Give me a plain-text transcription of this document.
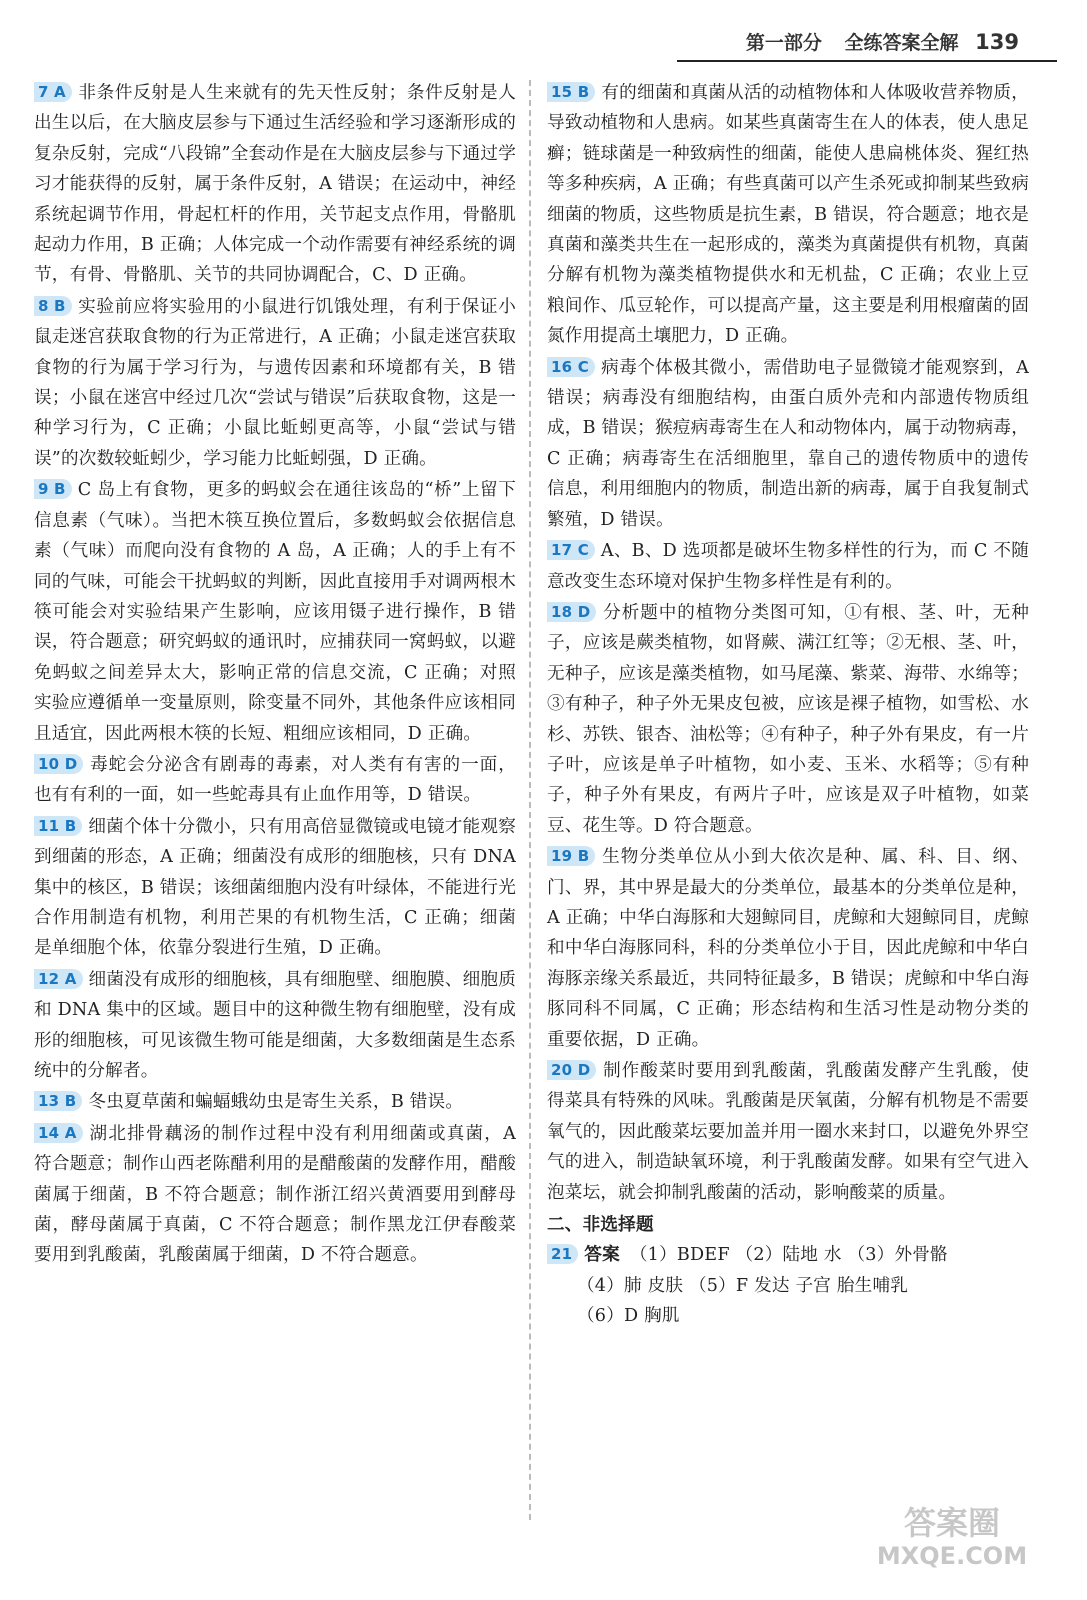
第一部分 全练答案全解 139
7 A 非条件反射是人生来就有的先天性反射；条件反射是人出生以后，在大脑皮层参与下通过生活经验和学习逐渐形成的复杂反射，完成“八段锦”全套动作是在大脑皮层参与下通过学习才能获得的反射，属于条件反射，A 错误；在运动中，神经系统起调节作用，骨起杠杆的作用，关节起支点作用，骨骼肌起动力作用，B 正确；人体完成一个动作需要有神经系统的调节，有骨、骨骼肌、关节的共同协调配合，C、D 正确。
8 B 实验前应将实验用的小鼠进行饥饿处理，有利于保证小鼠走迷宫获取食物的行为正常进行，A 正确；小鼠走迷宫获取食物的行为属于学习行为，与遗传因素和环境都有关，B 错误；小鼠在迷宫中经过几次“尝试与错误”后获取食物，这是一种学习行为，C 正确；小鼠比蚯蚓更高等，小鼠“尝试与错误”的次数较蚯蚓少，学习能力比蚯蚓强，D 正确。
9 B C 岛上有食物，更多的蚂蚁会在通往该岛的“桥”上留下信息素（气味）。当把木筷互换位置后，多数蚂蚁会依据信息素（气味）而爬向没有食物的 A 岛，A 正确；人的手上有不同的气味，可能会干扰蚂蚁的判断，因此直接用手对调两根木筷可能会对实验结果产生影响，应该用镊子进行操作，B 错误，符合题意；研究蚂蚁的通讯时，应捕获同一窝蚂蚁，以避免蚂蚁之间差异太大，影响正常的信息交流，C 正确；对照实验应遵循单一变量原则，除变量不同外，其他条件应该相同且适宜，因此两根木筷的长短、粗细应该相同，D 正确。
10 D 毒蛇会分泌含有剧毒的毒素，对人类有有害的一面，也有有利的一面，如一些蛇毒具有止血作用等，D 错误。
11 B 细菌个体十分微小，只有用高倍显微镜或电镜才能观察到细菌的形态，A 正确；细菌没有成形的细胞核，只有 DNA 集中的核区，B 错误；该细菌细胞内没有叶绿体，不能进行光合作用制造有机物，利用芒果的有机物生活，C 正确；细菌是单细胞个体，依靠分裂进行生殖，D 正确。
12 A 细菌没有成形的细胞核，具有细胞壁、细胞膜、细胞质和 DNA 集中的区域。题目中的这种微生物有细胞壁，没有成形的细胞核，可见该微生物可能是细菌，大多数细菌是生态系统中的分解者。
13 B 冬虫夏草菌和蝙蝠蛾幼虫是寄生关系，B 错误。
14 A 湖北排骨藕汤的制作过程中没有利用细菌或真菌，A 符合题意；制作山西老陈醋利用的是醋酸菌的发酵作用，醋酸菌属于细菌，B 不符合题意；制作浙江绍兴黄酒要用到酵母菌，酵母菌属于真菌，C 不符合题意；制作黑龙江伊春酸菜要用到乳酸菌，乳酸菌属于细菌，D 不符合题意。
15 B 有的细菌和真菌从活的动植物体和人体吸收营养物质，导致动植物和人患病。如某些真菌寄生在人的体表，使人患足癣；链球菌是一种致病性的细菌，能使人患扁桃体炎、猩红热等多种疾病，A 正确；有些真菌可以产生杀死或抑制某些致病细菌的物质，这些物质是抗生素，B 错误，符合题意；地衣是真菌和藻类共生在一起形成的，藻类为真菌提供有机物，真菌分解有机物为藻类植物提供水和无机盐，C 正确；农业上豆粮间作、瓜豆轮作，可以提高产量，这主要是利用根瘤菌的固氮作用提高土壤肥力，D 正确。
16 C 病毒个体极其微小，需借助电子显微镜才能观察到，A 错误；病毒没有细胞结构，由蛋白质外壳和内部遗传物质组成，B 错误；猴痘病毒寄生在人和动物体内，属于动物病毒，C 正确；病毒寄生在活细胞里，靠自己的遗传物质中的遗传信息，利用细胞内的物质，制造出新的病毒，属于自我复制式繁殖，D 错误。
17 C A、B、D 选项都是破坏生物多样性的行为，而 C 不随意改变生态环境对保护生物多样性是有利的。
18 D 分析题中的植物分类图可知，①有根、茎、叶，无种子，应该是蕨类植物，如肾蕨、满江红等；②无根、茎、叶，无种子，应该是藻类植物，如马尾藻、紫菜、海带、水绵等；③有种子，种子外无果皮包被，应该是裸子植物，如雪松、水杉、苏铁、银杏、油松等；④有种子，种子外有果皮，有一片子叶，应该是单子叶植物，如小麦、玉米、水稻等；⑤有种子，种子外有果皮，有两片子叶，应该是双子叶植物，如菜豆、花生等。D 符合题意。
19 B 生物分类单位从小到大依次是种、属、科、目、纲、门、界，其中界是最大的分类单位，最基本的分类单位是种，A 正确；中华白海豚和大翅鲸同目，虎鲸和大翅鲸同目，虎鲸和中华白海豚同科，科的分类单位小于目，因此虎鲸和中华白海豚亲缘关系最近，共同特征最多，B 错误；虎鲸和中华白海豚同科不同属，C 正确；形态结构和生活习性是动物分类的重要依据，D 正确。
20 D 制作酸菜时要用到乳酸菌，乳酸菌发酵产生乳酸，使得菜具有特殊的风味。乳酸菌是厌氧菌，分解有机物是不需要氧气的，因此酸菜坛要加盖并用一圈水来封口，以避免外界空气的进入，制造缺氧环境，利于乳酸菌发酵。如果有空气进入泡菜坛，就会抑制乳酸菌的活动，影响酸菜的质量。
二、非选择题
21 答案 （1）BDEF （2）陆地 水 （3）外骨骼
（4）肺 皮肤 （5）F 发达 子宫 胎生哺乳
（6）D 胸肌
答案圈
MXQE.COM
